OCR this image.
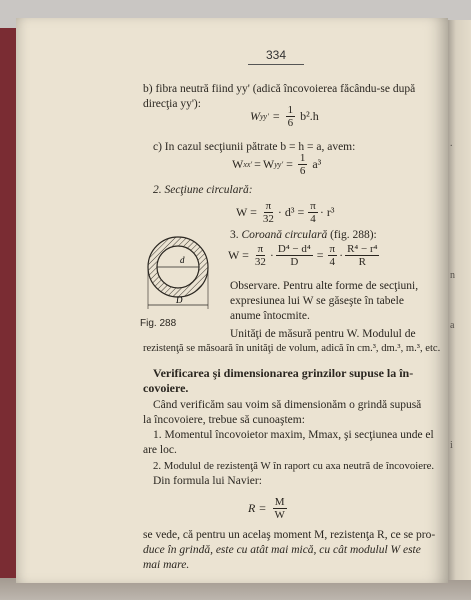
.
n
a
i
334
b) fibra neutră fiind yy' (adică încovoierea făcându-se după
direcţia yy'):
W $yy' = \frac{1}{6} b^2.h$
c) In cazul secţiunii pătrate b = h = a, avem:
W xx' = W $yy' = \frac{1}{6} a^3$
2. Secţiune circulară:
$W = \frac{\pi}{32} \cdot d^3 = \frac{\pi}{4} \cdot r^3$
3. Coroană circulară (fig. 288):
$W = \frac{\pi}{32} \cdot \frac{\text{D⁴ − d⁴}}{D} = \frac{\pi}{4} \cdot \frac{\text{R⁴ − r⁴}}{R}$
d
D
Fig. 288
Observare. Pentru alte forme de secţiuni,
expresiunea lui W se găseşte în tabele
anume întocmite.
Unităţi de măsură pentru W. Modulul de
rezistenţă se măsoară în unităţi de volum, adică în cm.³, dm.³, m.³, etc.
Verificarea şi dimensionarea grinzilor supuse la în-
covoiere.
Când verificăm sau voim să dimensionăm o grindă supusă
la încovoiere, trebue să cunoaştem:
1. Momentul încovoietor maxim, Mmax, şi secţiunea unde el
are loc.
2. Modulul de rezistenţă W în raport cu axa neutră de încovoiere.
Din formula lui Navier:
$R = \frac{M}{W}$
se vede, că pentru un acelaş moment M, rezistenţa R, ce se pro-
duce în grindă, este cu atât mai mică, cu cât modulul W este
mai mare.
